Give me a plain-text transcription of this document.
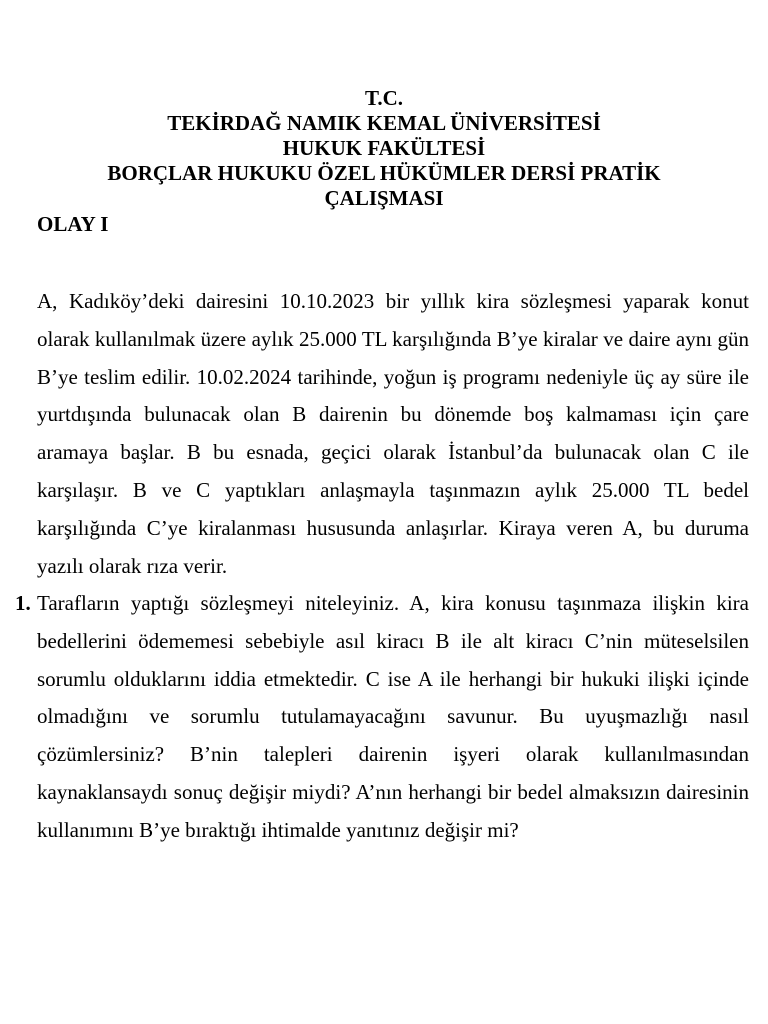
T.C.
TEKİRDAĞ NAMIK KEMAL ÜNİVERSİTESİ
HUKUK FAKÜLTESİ
BORÇLAR HUKUKU ÖZEL HÜKÜMLER DERSİ PRATİK
ÇALIŞMASI
OLAY I
A, Kadıköy’deki dairesini 10.10.2023 bir yıllık kira sözleşmesi yaparak konut olarak kullanılmak üzere aylık 25.000 TL karşılığında B’ye kiralar ve daire aynı gün B’ye teslim edilir. 10.02.2024 tarihinde, yoğun iş programı nedeniyle üç ay süre ile yurtdışında bulunacak olan B dairenin bu dönemde boş kalmaması için çare aramaya başlar. B bu esnada, geçici olarak İstanbul’da bulunacak olan C ile karşılaşır. B ve C yaptıkları anlaşmayla taşınmazın aylık 25.000 TL bedel karşılığında C’ye kiralanması hususunda anlaşırlar. Kiraya veren A, bu duruma yazılı olarak rıza verir.
1. Tarafların yaptığı sözleşmeyi niteleyiniz. A, kira konusu taşınmaza ilişkin kira bedellerini ödememesi sebebiyle asıl kiracı B ile alt kiracı C’nin müteselsilen sorumlu olduklarını iddia etmektedir. C ise A ile herhangi bir hukuki ilişki içinde olmadığını ve sorumlu tutulamayacağını savunur. Bu uyuşmazlığı nasıl çözümlersiniz? B’nin talepleri dairenin işyeri olarak kullanılmasından kaynaklansaydı sonuç değişir miydi? A’nın herhangi bir bedel almaksızın dairesinin kullanımını B’ye bıraktığı ihtimalde yanıtınız değişir mi?
